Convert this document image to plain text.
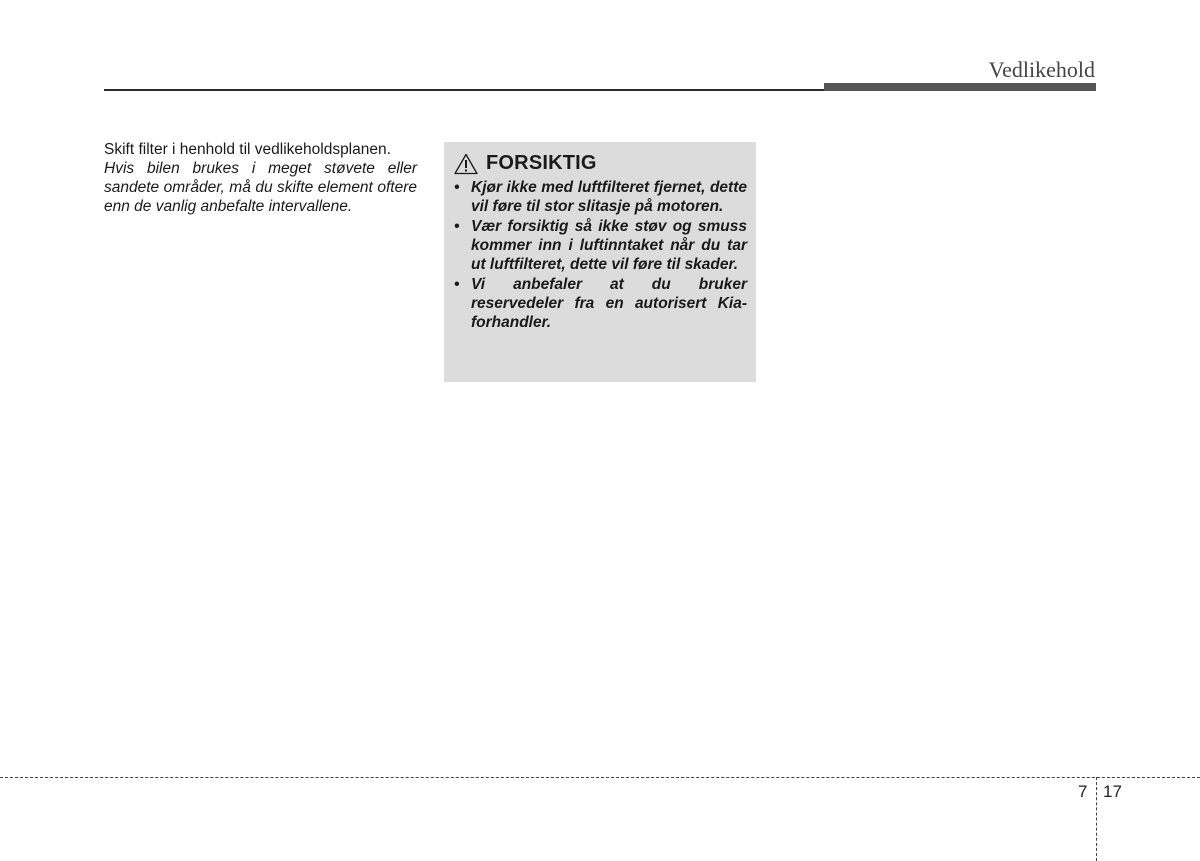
Vedlikehold

Skift filter i henhold til vedlikeholdsplanen.

Hvis bilen brukes i meget støvete eller sandete områder, må du skifte element oftere enn de vanlig anbefalte intervallene.

FORSIKTIG
• Kjør ikke med luftfilteret fjernet, dette vil føre til stor slitasje på motoren.
• Vær forsiktig så ikke støv og smuss kommer inn i luftinntaket når du tar ut luftfilteret, dette vil føre til skader.
• Vi anbefaler at du bruker reservedeler fra en autorisert Kia-forhandler.
7 17
